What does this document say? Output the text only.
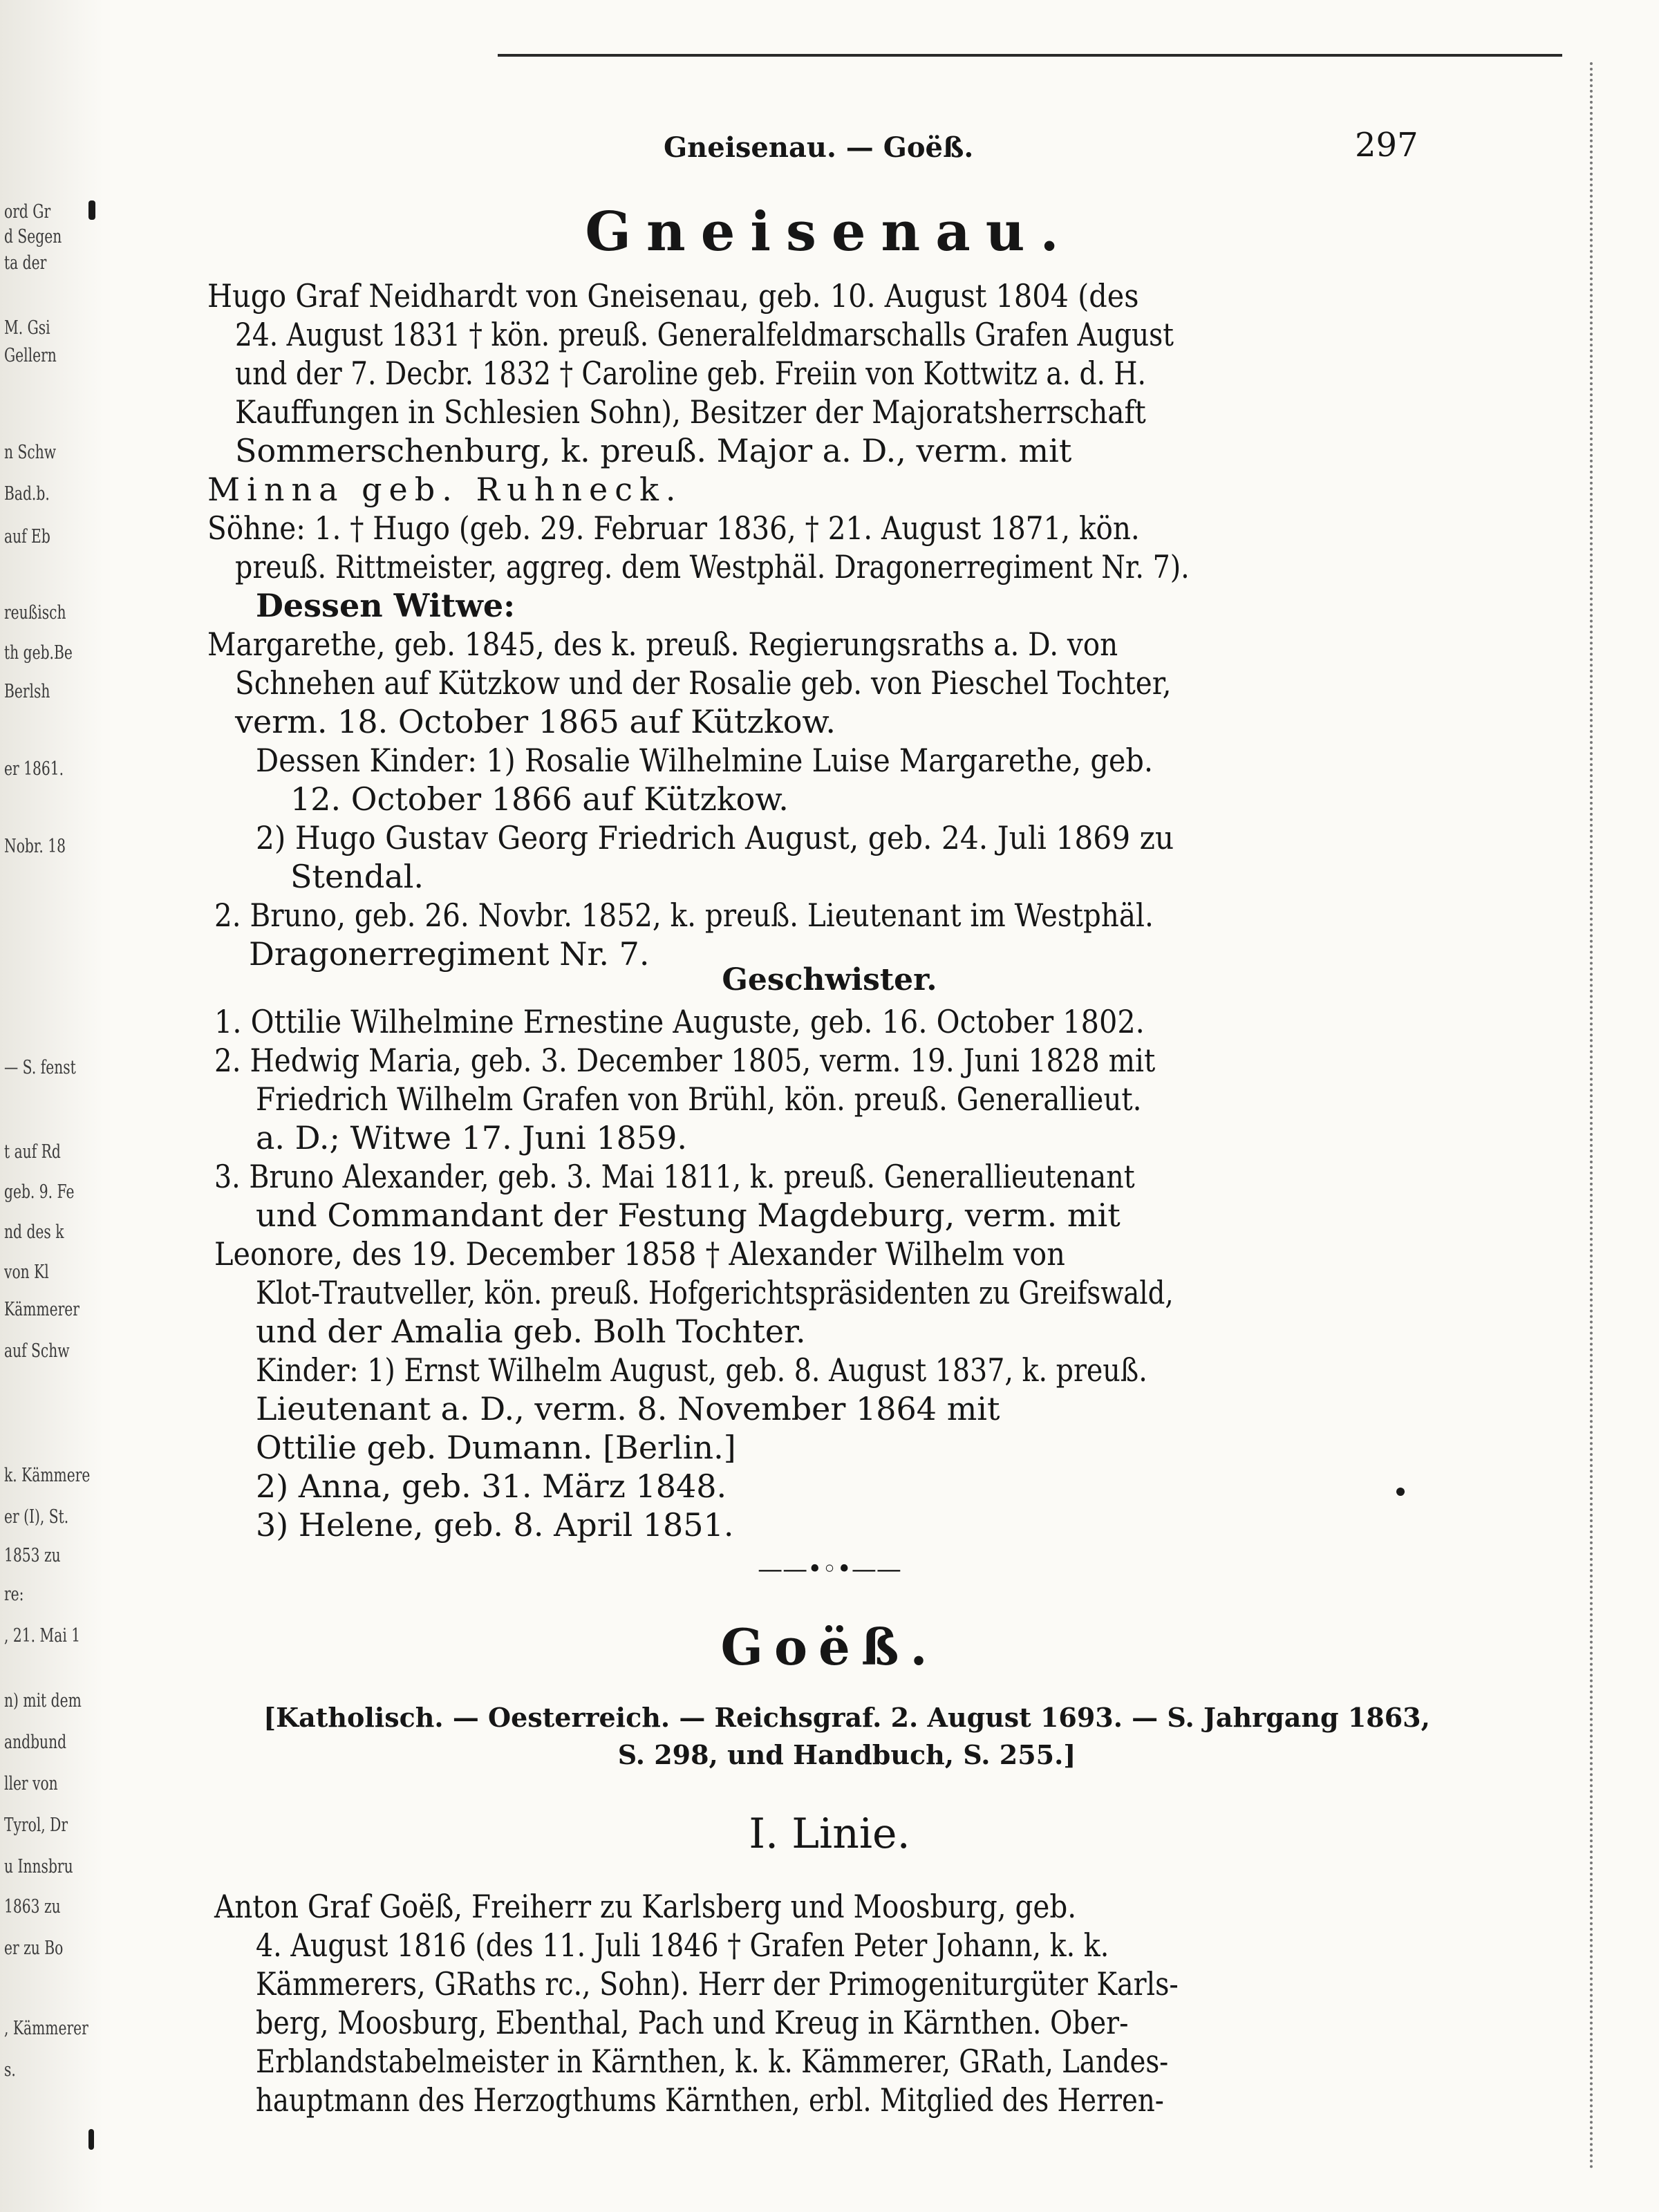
ord Gr
d Segen
ta der
M. Gsi
Gellern
n Schw
Bad.b.
auf Eb
reußisch
th geb.Be
Berlsh
er 1861.
Nobr. 18
— S. fenst
t auf Rd
geb. 9. Fe
nd des k
von Kl
Kämmerer
auf Schw
k. Kämmere
er (I), St.
1853 zu
re:
, 21. Mai 1
n) mit dem
andbund
ller von
Tyrol, Dr
u Innsbru
1863 zu
er zu Bo
, Kämmerer
s.
Gneisenau. — Goëß.	297
Gneisenau.
Hugo Graf Neidhardt von Gneisenau, geb. 10. August 1804 (des
24. August 1831 † kön. preuß. Generalfeldmarschalls Grafen August
und der 7. Decbr. 1832 † Caroline geb. Freiin von Kottwitz a. d. H.
Kauffungen in Schlesien Sohn), Besitzer der Majoratsherrschaft
Sommerschenburg, k. preuß. Major a. D., verm. mit
Minna geb. Ruhneck.
Söhne: 1. † Hugo (geb. 29. Februar 1836, † 21. August 1871, kön.
preuß. Rittmeister, aggreg. dem Westphäl. Dragonerregiment Nr. 7).
Dessen Witwe:
Margarethe, geb. 1845, des k. preuß. Regierungsraths a. D. von
Schnehen auf Kützkow und der Rosalie geb. von Pieschel Tochter,
verm. 18. October 1865 auf Kützkow.
Dessen Kinder: 1) Rosalie Wilhelmine Luise Margarethe, geb.
12. October 1866 auf Kützkow.
2) Hugo Gustav Georg Friedrich August, geb. 24. Juli 1869 zu
Stendal.
2. Bruno, geb. 26. Novbr. 1852, k. preuß. Lieutenant im Westphäl.
Dragonerregiment Nr. 7.
Geschwister.
1. Ottilie Wilhelmine Ernestine Auguste, geb. 16. October 1802.
2. Hedwig Maria, geb. 3. December 1805, verm. 19. Juni 1828 mit
Friedrich Wilhelm Grafen von Brühl, kön. preuß. Generallieut.
a. D.; Witwe 17. Juni 1859.
3. Bruno Alexander, geb. 3. Mai 1811, k. preuß. Generallieutenant
und Commandant der Festung Magdeburg, verm. mit
Leonore, des 19. December 1858 † Alexander Wilhelm von
Klot-Trautveller, kön. preuß. Hofgerichtspräsidenten zu Greifswald,
und der Amalia geb. Bolh Tochter.
Kinder: 1) Ernst Wilhelm August, geb. 8. August 1837, k. preuß.
Lieutenant a. D., verm. 8. November 1864 mit
Ottilie geb. Dumann. [Berlin.]
2) Anna, geb. 31. März 1848.
3) Helene, geb. 8. April 1851.
——•◦•——
Goëß.
[Katholisch. — Oesterreich. — Reichsgraf. 2. August 1693. — S. Jahrgang 1863,
S. 298, und Handbuch, S. 255.]
I. Linie.
Anton Graf Goëß, Freiherr zu Karlsberg und Moosburg, geb.
4. August 1816 (des 11. Juli 1846 † Grafen Peter Johann, k. k.
Kämmerers, GRaths rc., Sohn). Herr der Primogeniturgüter Karls-
berg, Moosburg, Ebenthal, Pach und Kreug in Kärnthen. Ober-
Erblandstabelmeister in Kärnthen, k. k. Kämmerer, GRath, Landes-
hauptmann des Herzogthums Kärnthen, erbl. Mitglied des Herren-
